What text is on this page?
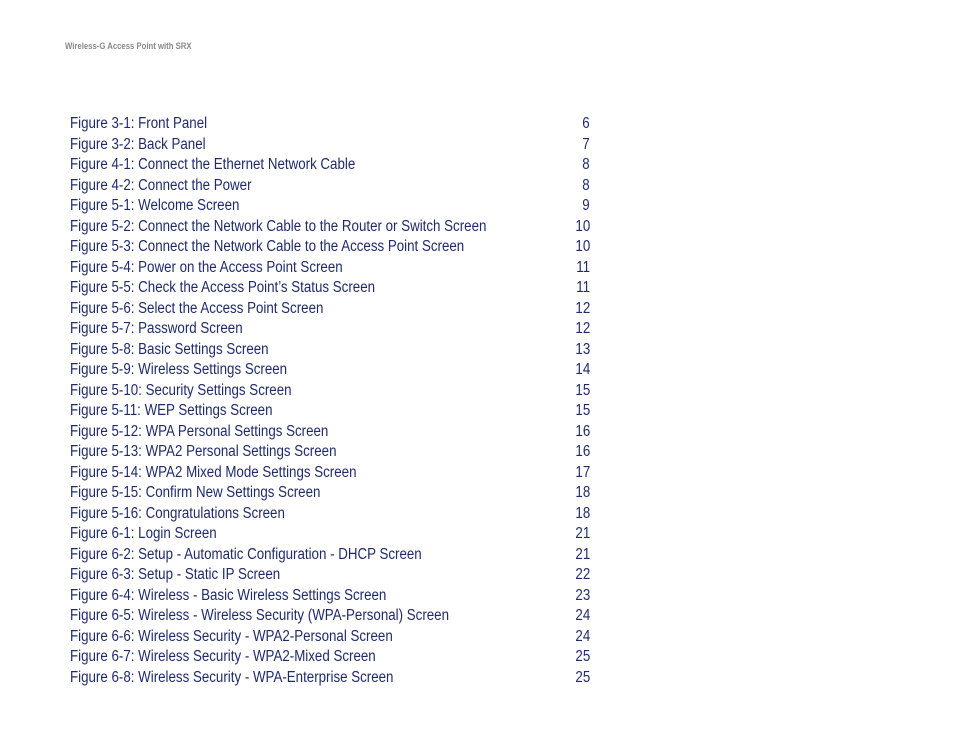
Wireless-G Access Point with SRX
Figure 3-1: Front Panel	6
Figure 3-2: Back Panel	7
Figure 4-1: Connect the Ethernet Network Cable	8
Figure 4-2: Connect the Power	8
Figure 5-1: Welcome Screen	9
Figure 5-2: Connect the Network Cable to the Router or Switch Screen	10
Figure 5-3: Connect the Network Cable to the Access Point Screen	10
Figure 5-4: Power on the Access Point Screen	11
Figure 5-5: Check the Access Point’s Status Screen	11
Figure 5-6: Select the Access Point Screen	12
Figure 5-7: Password Screen	12
Figure 5-8: Basic Settings Screen	13
Figure 5-9: Wireless Settings Screen	14
Figure 5-10: Security Settings Screen	15
Figure 5-11: WEP Settings Screen	15
Figure 5-12: WPA Personal Settings Screen	16
Figure 5-13: WPA2 Personal Settings Screen	16
Figure 5-14: WPA2 Mixed Mode Settings Screen	17
Figure 5-15: Confirm New Settings Screen	18
Figure 5-16: Congratulations Screen	18
Figure 6-1: Login Screen	21
Figure 6-2: Setup - Automatic Configuration - DHCP Screen	21
Figure 6-3: Setup - Static IP Screen	22
Figure 6-4: Wireless - Basic Wireless Settings Screen	23
Figure 6-5: Wireless - Wireless Security (WPA-Personal) Screen	24
Figure 6-6: Wireless Security - WPA2-Personal Screen	24
Figure 6-7: Wireless Security - WPA2-Mixed Screen	25
Figure 6-8: Wireless Security - WPA-Enterprise Screen	25
